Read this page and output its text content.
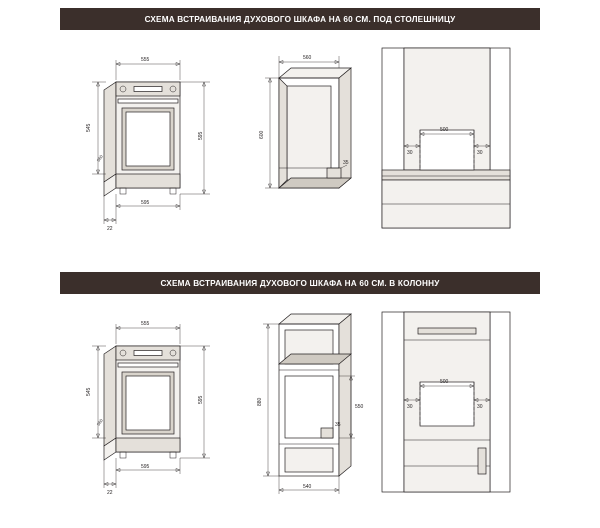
СХЕМА ВСТРАИВАНИЯ ДУХОВОГО ШКАФА НА 60 СМ. ПОД СТОЛЕШНИЦУ
555
560
545
595
595
22
560
600
35
500
30	30
СХЕМА ВСТРАИВАНИЯ ДУХОВОГО ШКАФА НА 60 СМ. В КОЛОННУ
555
560
545
595
595
22
550
880
35
540
500
30	30
